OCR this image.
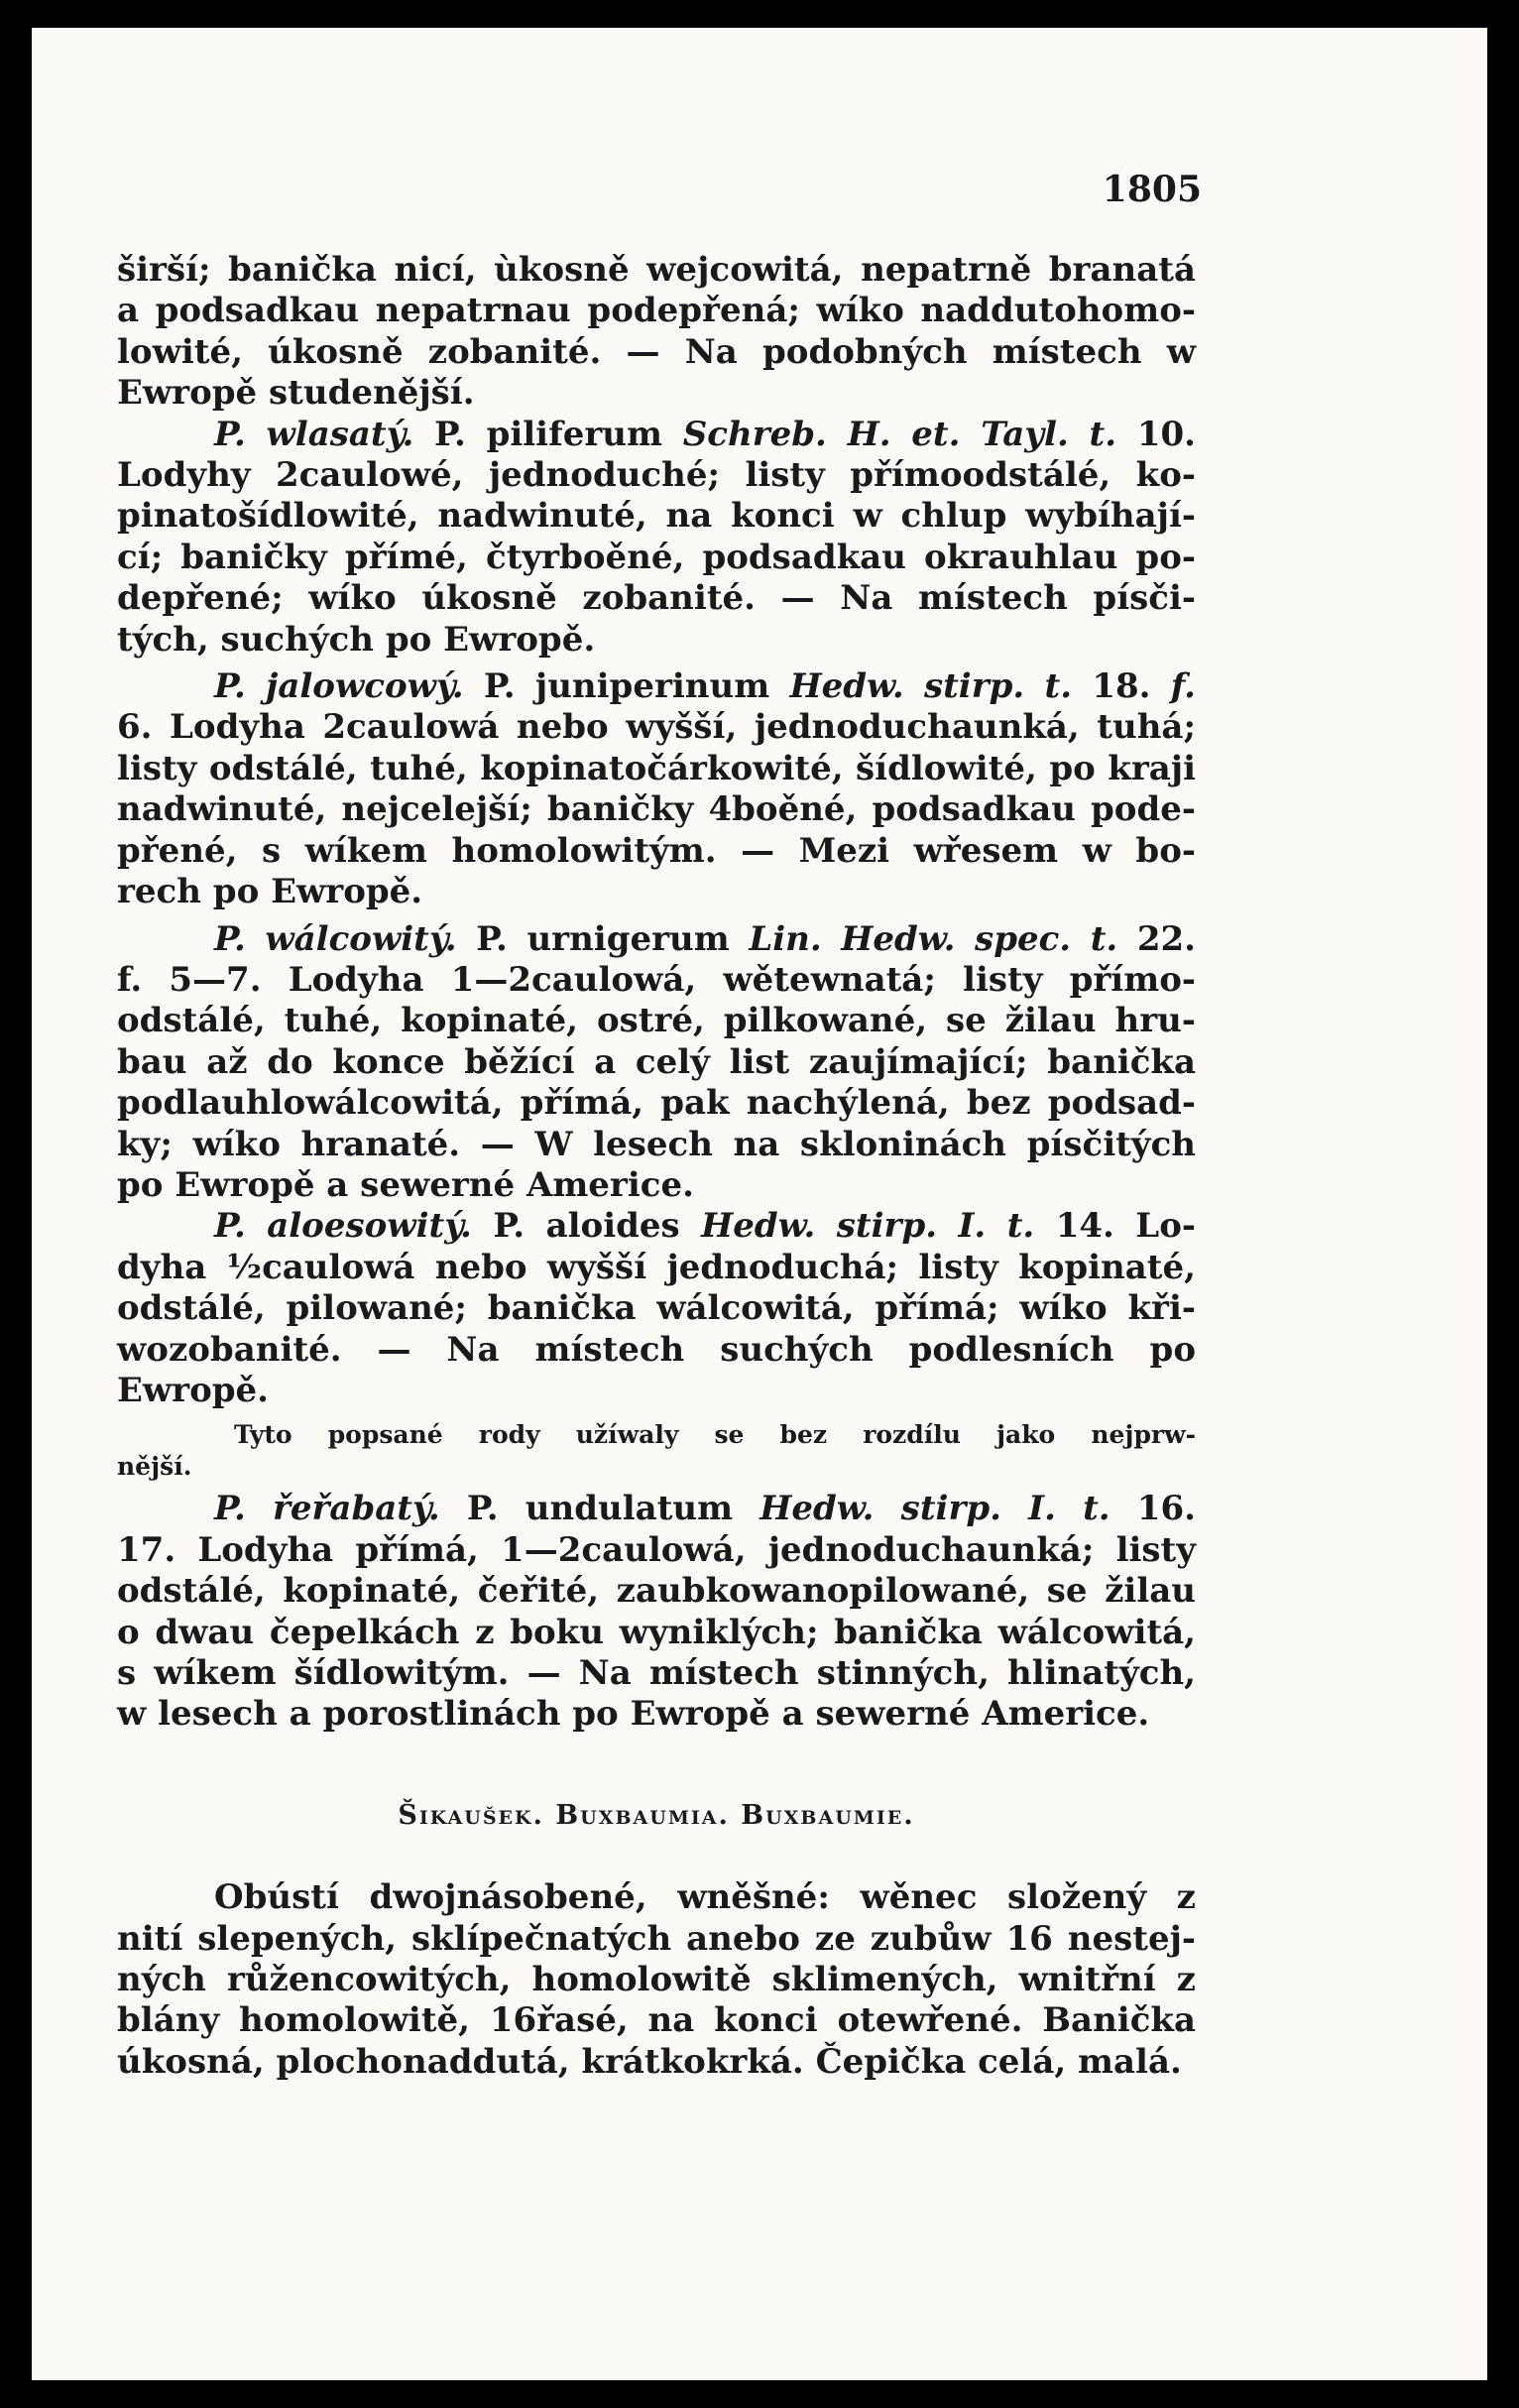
1805
širší; banička nicí, ùkosně wejcowitá, nepatrně branatá
a podsadkau nepatrnau podepřená; wíko naddutohomo-
lowité, úkosně zobanité. — Na podobných místech w
Ewropě studenější.
P. wlasatý. P. piliferum Schreb. H. et. Tayl. t. 10.
Lodyhy 2caulowé, jednoduché; listy přímoodstálé, ko-
pinatošídlowité, nadwinuté, na konci w chlup wybíhají-
cí; baničky přímé, čtyrboěné, podsadkau okrauhlau po-
depřené; wíko úkosně zobanité. — Na místech písči-
tých, suchých po Ewropě.
P. jalowcowý. P. juniperinum Hedw. stirp. t. 18. f.
6. Lodyha 2caulowá nebo wyšší, jednoduchaunká, tuhá;
listy odstálé, tuhé, kopinatočárkowité, šídlowité, po kraji
nadwinuté, nejcelejší; baničky 4boěné, podsadkau pode-
přené, s wíkem homolowitým. — Mezi wřesem w bo-
rech po Ewropě.
P. wálcowitý. P. urnigerum Lin. Hedw. spec. t. 22.
f. 5—7. Lodyha 1—2caulowá, wětewnatá; listy přímo-
odstálé, tuhé, kopinaté, ostré, pilkowané, se žilau hru-
bau až do konce běžící a celý list zaujímající; banička
podlauhlowálcowitá, přímá, pak nachýlená, bez podsad-
ky; wíko hranaté. — W lesech na skloninách písčitých
po Ewropě a sewerné Americe.
P. aloesowitý. P. aloides Hedw. stirp. I. t. 14. Lo-
dyha ½caulowá nebo wyšší jednoduchá; listy kopinaté,
odstálé, pilowané; banička wálcowitá, přímá; wíko kři-
wozobanité. — Na místech suchých podlesních po
Ewropě.
Tyto popsané rody užíwaly se bez rozdílu jako nejprw-
nější.
P. řeřabatý. P. undulatum Hedw. stirp. I. t. 16.
17. Lodyha přímá, 1—2caulowá, jednoduchaunká; listy
odstálé, kopinaté, čeřité, zaubkowanopilowané, se žilau
o dwau čepelkách z boku wyniklých; banička wálcowitá,
s wíkem šídlowitým. — Na místech stinných, hlinatých,
w lesech a porostlinách po Ewropě a sewerné Americe.
Šikaušek. Buxbaumia. Buxbaumie.
Obústí dwojnásobené, wněšné: wěnec složený z
nití slepených, sklípečnatých anebo ze zubůw 16 nestej-
ných růžencowitých, homolowitě sklimených, wnitřní z
blány homolowitě, 16řasé, na konci otewřené. Banička
úkosná, plochonaddutá, krátkokrká. Čepička celá, malá.
